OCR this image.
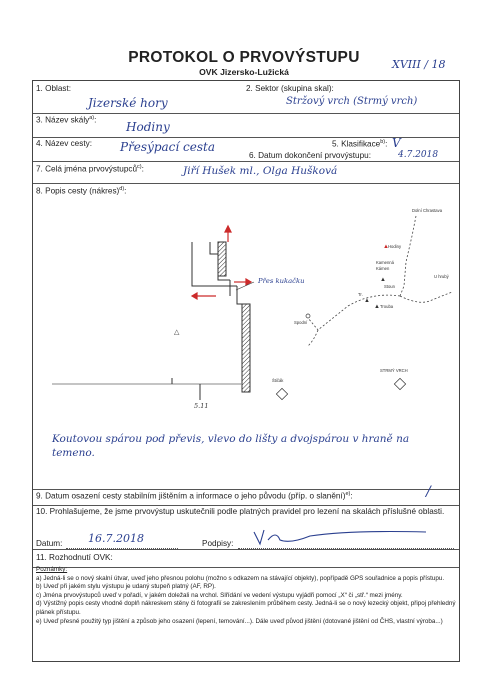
PROTOKOL O PRVOVÝSTUPU
OVK Jizersko-Lužická
XVIII / 18
1. Oblast:
Jizerské hory
2. Sektor (skupina skal):
Stržový vrch (Strmý vrch)
3. Název skály$^{a)}$: Hodiny
4. Název cesty: Přesýpací cesta	5. Klasifikace$^{b)}$: V
6. Datum dokončení prvovýstupu:	4.7.2018
7. Celá jména prvovýstupců$^{c)}$:	Jiří Hušek ml., Olga Hušková
8. Popis cesty (nákres)$^{d)}$:
△
Dolní Chrastava
Hodiny
Kamenná
Kámen
Stoun
Tr.
Trouba
U hrubý
Spodní
Štičák
STRMÝ VRCH
▲
▲
▲
▲
Přes kukačku
5.11
Koutovou spárou pod převis, vlevo do lišty a dvojspárou v hraně na temeno.
9. Datum osazení cesty stabilním jištěním a informace o jeho původu (příp. o slanění)$^{e)}$:	/
10. Prohlašujeme, že jsme prvovýstup uskutečnili podle platných pravidel pro lezení na skalách příslušné oblasti.
Datum: 16.7.2018	Podpisy:
11. Rozhodnutí OVK:
Poznámky:
a) Jedná-li se o nový skalní útvar, uveď jeho přesnou polohu (možno s odkazem na stávající objekty), popřípadě GPS souřadnice a popis přístupu.
b) Uveď při jakém stylu výstupu je udaný stupeň platný (AF, RP).
c) Jména prvovýstupců uveď v pořadí, v jakém doležali na vrchol. Slřídání ve vedení výstupu vyjádři pomocí „X“ či „stř.“ mezi jmény.
d) Výstižný popis cesty vhodně doplň nákreskem stěny či fotografií se zakreslením průběhem cesty. Jedná-li se o nový lezecký objekt, připoj přehledný plánek přístupu.
e) Uveď přesné použitý typ jištění a způsob jeho osazení (lepení, temování...). Dále uveď původ jištění (dotované jištění od ČHS, vlastní výroba...)
